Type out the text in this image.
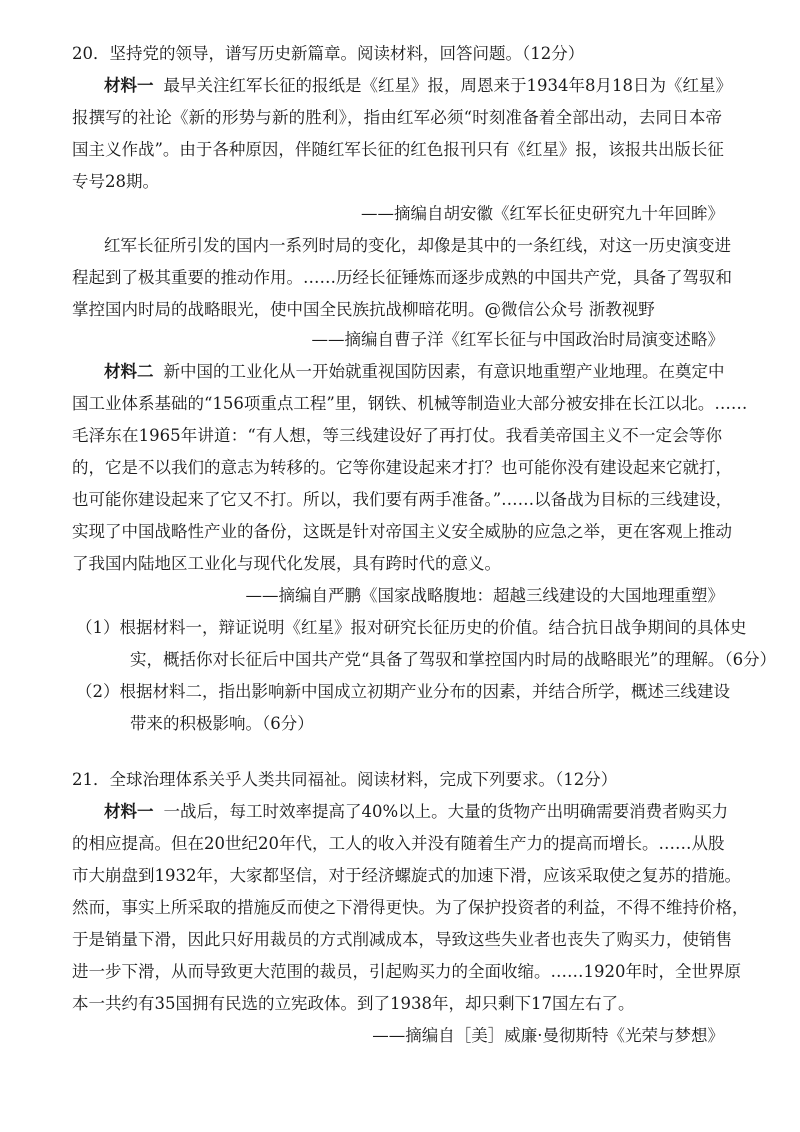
20．坚持党的领导，谱写历史新篇章。阅读材料，回答问题。（12分）
材料一 最早关注红军长征的报纸是《红星》报，周恩来于1934年8月18日为《红星》
报撰写的社论《新的形势与新的胜利》，指由红军必须“时刻准备着全部出动，去同日本帝
国主义作战”。由于各种原因，伴随红军长征的红色报刊只有《红星》报，该报共出版长征
专号28期。
——摘编自胡安徽《红军长征史研究九十年回眸》
红军长征所引发的国内一系列时局的变化，却像是其中的一条红线，对这一历史演变进
程起到了极其重要的推动作用。……历经长征锤炼而逐步成熟的中国共产党，具备了驾驭和
掌控国内时局的战略眼光，使中国全民族抗战柳暗花明。@微信公众号 浙教视野
——摘编自曹子洋《红军长征与中国政治时局演变述略》
材料二 新中国的工业化从一开始就重视国防因素，有意识地重塑产业地理。在奠定中
国工业体系基础的“156项重点工程”里，钢铁、机械等制造业大部分被安排在长江以北。……
毛泽东在1965年讲道：“有人想，等三线建设好了再打仗。我看美帝国主义不一定会等你
的，它是不以我们的意志为转移的。它等你建设起来才打？也可能你没有建设起来它就打，
也可能你建设起来了它又不打。所以，我们要有两手准备。”……以备战为目标的三线建设，
实现了中国战略性产业的备份，这既是针对帝国主义安全威胁的应急之举，更在客观上推动
了我国内陆地区工业化与现代化发展，具有跨时代的意义。
——摘编自严鹏《国家战略腹地：超越三线建设的大国地理重塑》
（1）根据材料一，辩证说明《红星》报对研究长征历史的价值。结合抗日战争期间的具体史
实，概括你对长征后中国共产党“具备了驾驭和掌控国内时局的战略眼光”的理解。（6分）
（2）根据材料二，指出影响新中国成立初期产业分布的因素，并结合所学，概述三线建设
带来的积极影响。（6分）
21．全球治理体系关乎人类共同福祉。阅读材料，完成下列要求。（12分）
材料一 一战后，每工时效率提高了40%以上。大量的货物产出明确需要消费者购买力
的相应提高。但在20世纪20年代，工人的收入并没有随着生产力的提高而增长。……从股
市大崩盘到1932年，大家都坚信，对于经济螺旋式的加速下滑，应该采取使之复苏的措施。
然而，事实上所采取的措施反而使之下滑得更快。为了保护投资者的利益，不得不维持价格，
于是销量下滑，因此只好用裁员的方式削减成本，导致这些失业者也丧失了购买力，使销售
进一步下滑，从而导致更大范围的裁员，引起购买力的全面收缩。……1920年时，全世界原
本一共约有35国拥有民选的立宪政体。到了1938年，却只剩下17国左右了。
——摘编自［美］威廉·曼彻斯特《光荣与梦想》
